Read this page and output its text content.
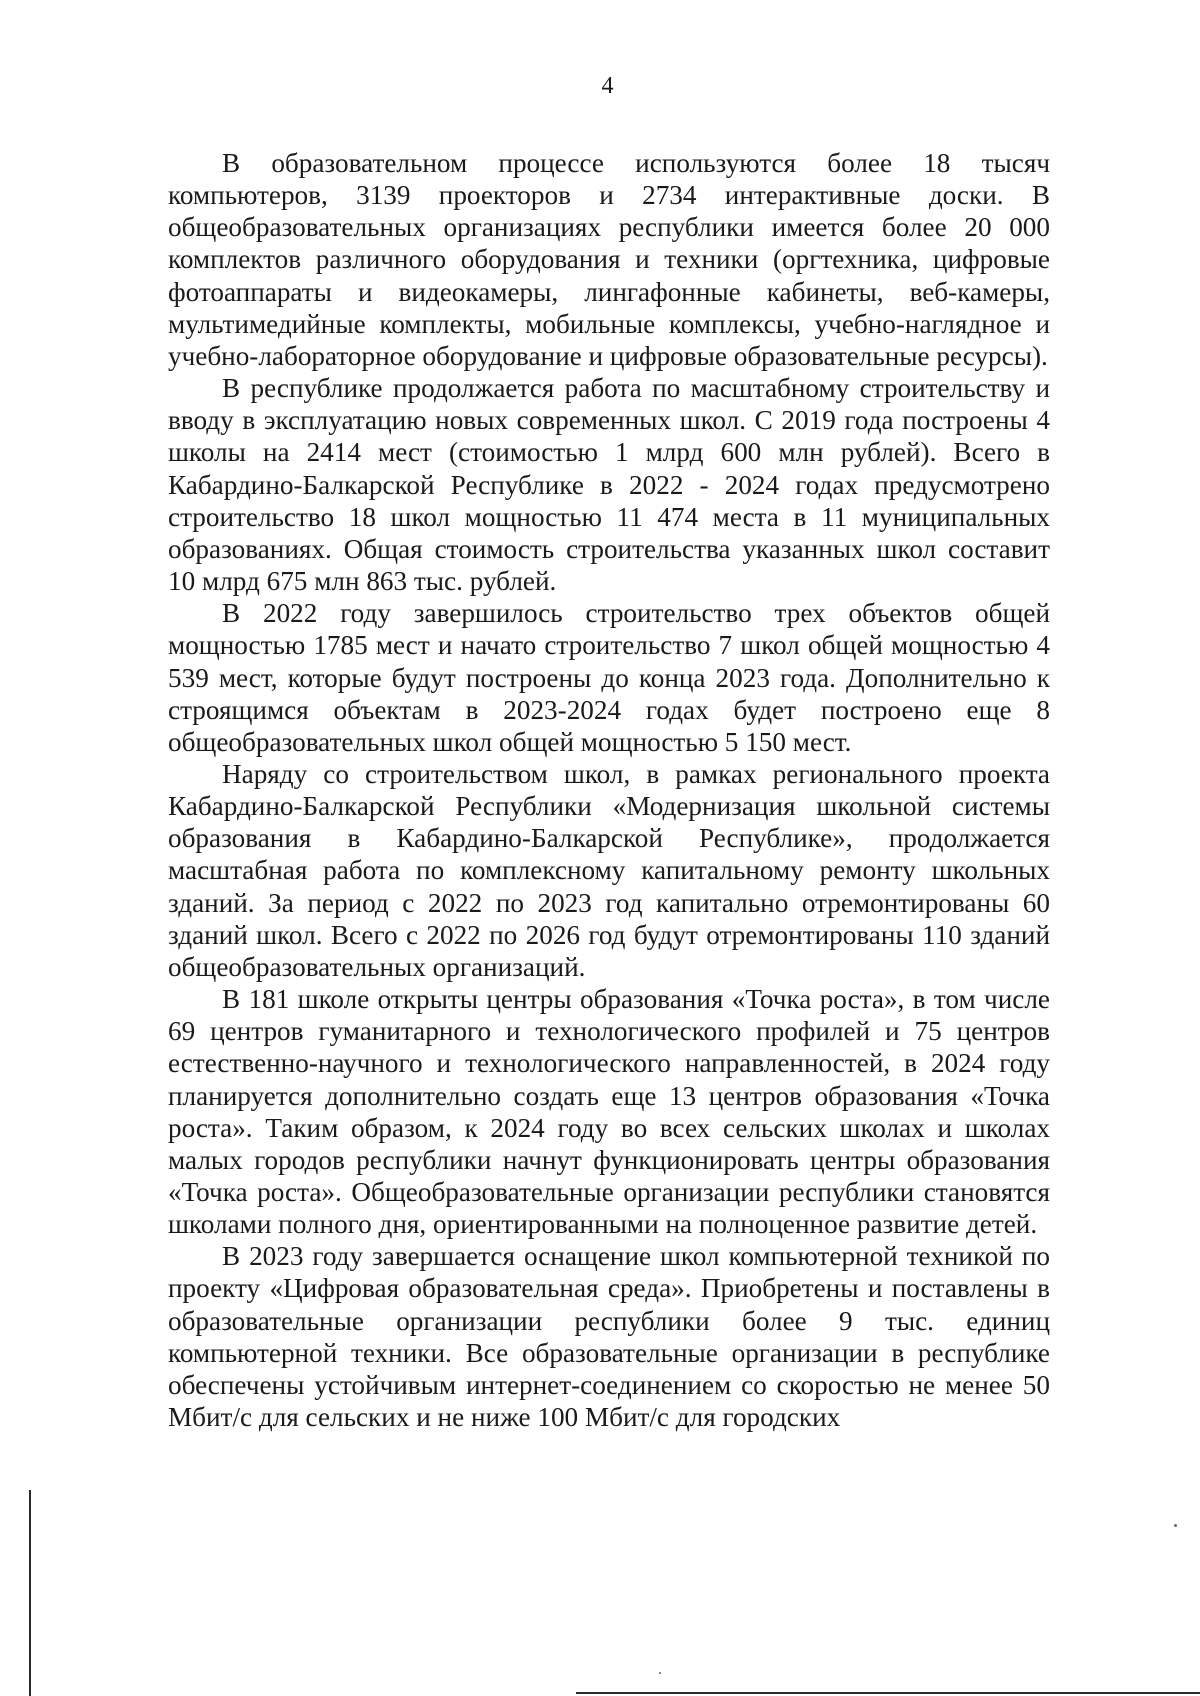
4

В образовательном процессе используются более 18 тысяч компьютеров, 3139 проекторов и 2734 интерактивные доски. В общеобразовательных организациях республики имеется более 20 000 комплектов различного оборудования и техники (оргтехника, цифровые фотоаппараты и видеокамеры, лингафонные кабинеты, веб-камеры, мультимедийные комплекты, мобильные комплексы, учебно-наглядное и учебно-лабораторное оборудование и цифровые образовательные ресурсы).

В республике продолжается работа по масштабному строительству и вводу в эксплуатацию новых современных школ. С 2019 года построены 4 школы на 2414 мест (стоимостью 1 млрд 600 млн рублей). Всего в Кабардино-Балкарской Республике в 2022 - 2024 годах предусмотрено строительство 18 школ мощностью 11 474 места в 11 муниципальных образованиях. Общая стоимость строительства указанных школ составит 10 млрд 675 млн 863 тыс. рублей.

В 2022 году завершилось строительство трех объектов общей мощностью 1785 мест и начато строительство 7 школ общей мощностью 4 539 мест, которые будут построены до конца 2023 года. Дополнительно к строящимся объектам в 2023-2024 годах будет построено еще 8 общеобразовательных школ общей мощностью 5 150 мест.

Наряду со строительством школ, в рамках регионального проекта Кабардино-Балкарской Республики «Модернизация школьной системы образования в Кабардино-Балкарской Республике», продолжается масштабная работа по комплексному капитальному ремонту школьных зданий. За период с 2022 по 2023 год капитально отремонтированы 60 зданий школ. Всего с 2022 по 2026 год будут отремонтированы 110 зданий общеобразовательных организаций.

В 181 школе открыты центры образования «Точка роста», в том числе 69 центров гуманитарного и технологического профилей и 75 центров естественно-научного и технологического направленностей, в 2024 году планируется дополнительно создать еще 13 центров образования «Точка роста». Таким образом, к 2024 году во всех сельских школах и школах малых городов республики начнут функционировать центры образования «Точка роста». Общеобразовательные организации республики становятся школами полного дня, ориентированными на полноценное развитие детей.

В 2023 году завершается оснащение школ компьютерной техникой по проекту «Цифровая образовательная среда». Приобретены и поставлены в образовательные организации республики более 9 тыс. единиц компьютерной техники. Все образовательные организации в республике обеспечены устойчивым интернет-соединением со скоростью не менее 50 Мбит/с для сельских и не ниже 100 Мбит/с для городских
